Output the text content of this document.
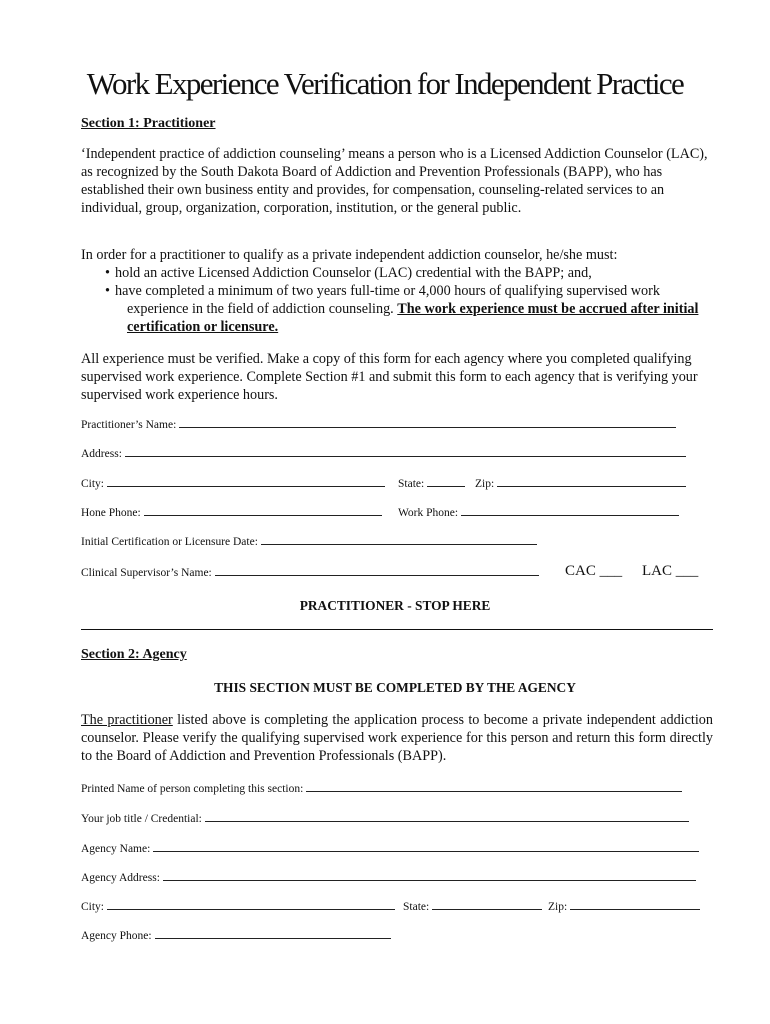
Work Experience Verification for Independent Practice
Section 1: Practitioner
‘Independent practice of addiction counseling’ means a person who is a Licensed Addiction Counselor (LAC), as recognized by the South Dakota Board of Addiction and Prevention Professionals (BAPP), who has established their own business entity and provides, for compensation, counseling-related services to an individual, group, organization, corporation, institution, or the general public.
In order for a practitioner to qualify as a private independent addiction counselor, he/she must:
• hold an active Licensed Addiction Counselor (LAC) credential with the BAPP; and,
• have completed a minimum of two years full-time or 4,000 hours of qualifying supervised work experience in the field of addiction counseling. The work experience must be accrued after initial certification or licensure.
All experience must be verified. Make a copy of this form for each agency where you completed qualifying supervised work experience. Complete Section #1 and submit this form to each agency that is verifying your supervised work experience hours.
Practitioner’s Name:
Address:
City:	State:	Zip:
Hone Phone:	Work Phone:
Initial Certification or Licensure Date:
Clinical Supervisor’s Name:	CAC ___ LAC ___
PRACTITIONER - STOP HERE
Section 2: Agency
THIS SECTION MUST BE COMPLETED BY THE AGENCY
The practitioner listed above is completing the application process to become a private independent addiction counselor. Please verify the qualifying supervised work experience for this person and return this form directly to the Board of Addiction and Prevention Professionals (BAPP).
Printed Name of person completing this section:
Your job title / Credential:
Agency Name:
Agency Address:
City:	State:	Zip:
Agency Phone:
